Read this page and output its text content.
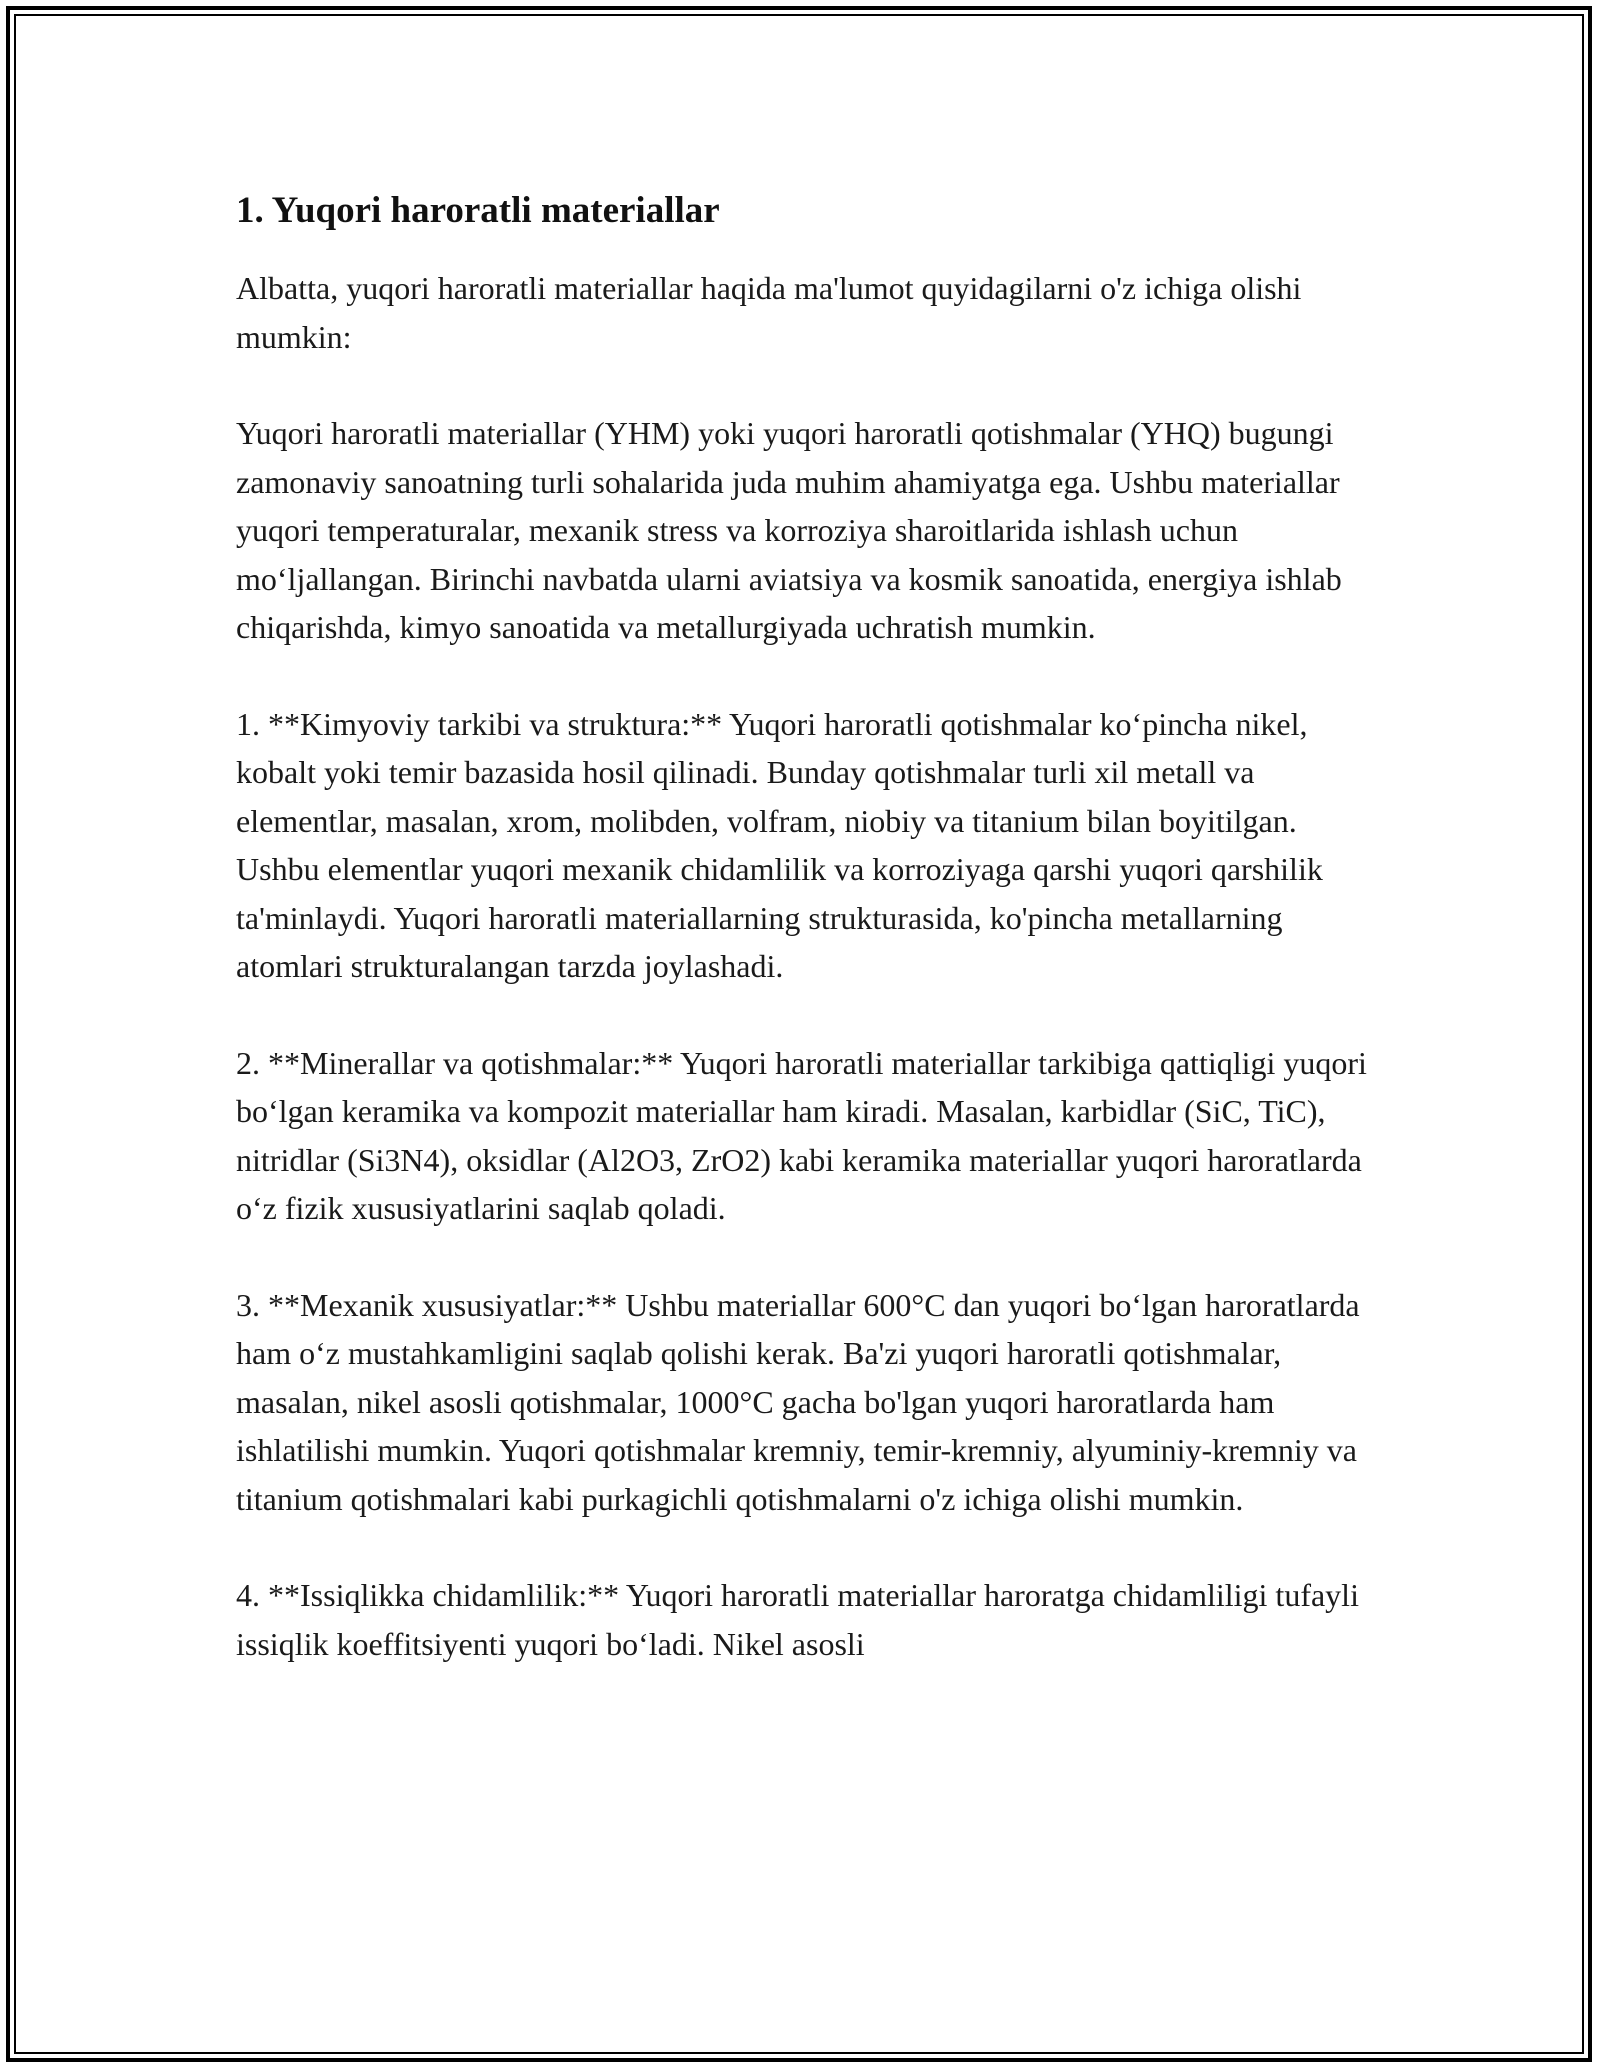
1. Yuqori haroratli materiallar

Albatta, yuqori haroratli materiallar haqida ma'lumot quyidagilarni o'z ichiga olishi mumkin:

Yuqori haroratli materiallar (YHM) yoki yuqori haroratli qotishmalar (YHQ) bugungi zamonaviy sanoatning turli sohalarida juda muhim ahamiyatga ega. Ushbu materiallar yuqori temperaturalar, mexanik stress va korroziya sharoitlarida ishlash uchun mo‘ljallangan. Birinchi navbatda ularni aviatsiya va kosmik sanoatida, energiya ishlab chiqarishda, kimyo sanoatida va metallurgiyada uchratish mumkin.

1. **Kimyoviy tarkibi va struktura:** Yuqori haroratli qotishmalar ko‘pincha nikel, kobalt yoki temir bazasida hosil qilinadi. Bunday qotishmalar turli xil metall va elementlar, masalan, xrom, molibden, volfram, niobiy va titanium bilan boyitilgan. Ushbu elementlar yuqori mexanik chidamlilik va korroziyaga qarshi yuqori qarshilik ta'minlaydi. Yuqori haroratli materiallarning strukturasida, ko'pincha metallarning atomlari strukturalangan tarzda joylashadi.

2. **Minerallar va qotishmalar:** Yuqori haroratli materiallar tarkibiga qattiqligi yuqori bo‘lgan keramika va kompozit materiallar ham kiradi. Masalan, karbidlar (SiC, TiC), nitridlar (Si3N4), oksidlar (Al2O3, ZrO2) kabi keramika materiallar yuqori haroratlarda o‘z fizik xususiyatlarini saqlab qoladi.

3. **Mexanik xususiyatlar:** Ushbu materiallar 600°C dan yuqori bo‘lgan haroratlarda ham o‘z mustahkamligini saqlab qolishi kerak. Ba'zi yuqori haroratli qotishmalar, masalan, nikel asosli qotishmalar, 1000°C gacha bo'lgan yuqori haroratlarda ham ishlatilishi mumkin. Yuqori qotishmalar kremniy, temir-kremniy, alyuminiy-kremniy va titanium qotishmalari kabi purkagichli qotishmalarni o'z ichiga olishi mumkin.

4. **Issiqlikka chidamlilik:** Yuqori haroratli materiallar haroratga chidamliligi tufayli issiqlik koeffitsiyenti yuqori bo‘ladi. Nikel asosli
